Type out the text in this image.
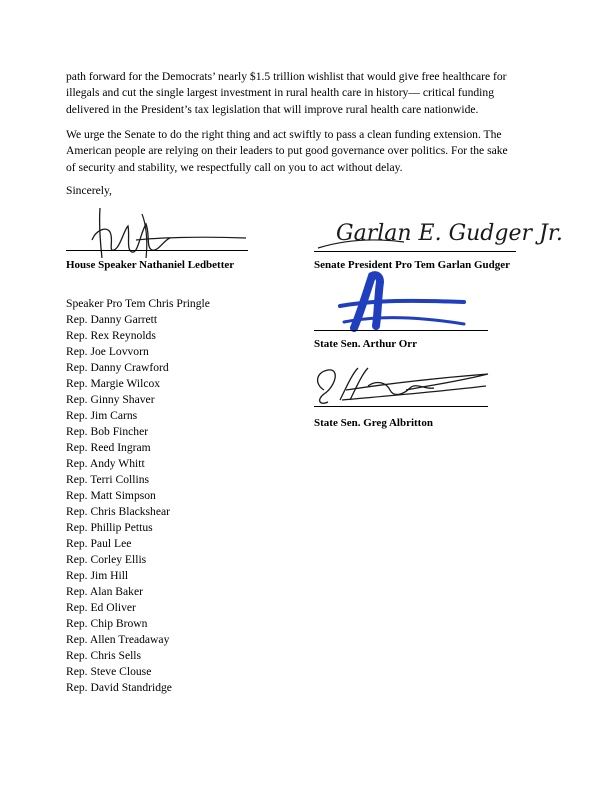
path forward for the Democrats’ nearly $1.5 trillion wishlist that would give free healthcare for
illegals and cut the single largest investment in rural health care in history— critical funding
delivered in the President’s tax legislation that will improve rural health care nationwide.
We urge the Senate to do the right thing and act swiftly to pass a clean funding extension. The
American people are relying on their leaders to put good governance over politics. For the sake
of security and stability, we respectfully call on you to act without delay.
Sincerely,
House Speaker Nathaniel Ledbetter
Garlan E. Gudger Jr.
Senate President Pro Tem Garlan Gudger
State Sen. Arthur Orr
State Sen. Greg Albritton
Speaker Pro Tem Chris Pringle
Rep. Danny Garrett
Rep. Rex Reynolds
Rep. Joe Lovvorn
Rep. Danny Crawford
Rep. Margie Wilcox
Rep. Ginny Shaver
Rep. Jim Carns
Rep. Bob Fincher
Rep. Reed Ingram
Rep. Andy Whitt
Rep. Terri Collins
Rep. Matt Simpson
Rep. Chris Blackshear
Rep. Phillip Pettus
Rep. Paul Lee
Rep. Corley Ellis
Rep. Jim Hill
Rep. Alan Baker
Rep. Ed Oliver
Rep. Chip Brown
Rep. Allen Treadaway
Rep. Chris Sells
Rep. Steve Clouse
Rep. David Standridge
